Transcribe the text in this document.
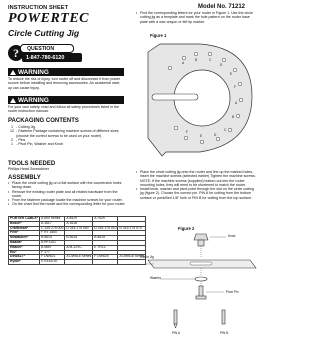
INSTRUCTION SHEET	Model No. 71212
POWERTEC
Circle Cutting Jig
?	QUESTION
1-847-780-6120
WARNING
To reduce the risk of injury, turn router off and disconnect it from power source before installing and removing accessories. An accidental start-up can cause injury.
WARNING
For your own safety, read and follow all safety procedures listed in the router instruction manual.
PACKAGING CONTENTS
1 - Cutting Jig
12 - Fastener Package containing machine screws of different sizes (choose the correct screws to be used on your router)
2 - Pins
1 - Pivot Pin, Washer and Knob
TOOLS NEEDED
Phillips Head Screwdriver
ASSEMBLY
• Place the circle cutting jig on a flat surface with the countersink holes facing down.
• Remove the existing router plate and all related hardware from the router.
• From the fastener package locate the machine screws for your router.
• On the chart find the model and the corresponding letter for your router.
PORTER CABLE*	A 690 Series	A 8529	A 7529	
Bosch*	A 1617	A 1618		
Craftsman*	C 315.275 000	D 315.175 050	D 315.175 010	D 315.175 070
Fein*	F RT 1800			
Milwaukee*	B 5615	B 5616	B 5619	
Makita*	A RF1101			
Hitachi*	B M8V	A M-12VC	E TR12	
Elu*	F 177			
DeWALT*	F DW621	A DW616 Series	F DW625	A DW618 Series
Ryobi*	E R161/1K			
• Find the corresponding letters for your router in Figure 1. Use the circle cutting jig as a template and mark the hole pattern on the router base plate with a wax crayon or felt tip marker.
Figure 1
A
B	C
D
E
F
A
B
C
D
E
F
• Place the circle cutting jig onto the router and line up the marked holes, insert the machine screws (selected earlier) Tighten the machine screws.
NOTE: If the machine screws (supplied) bottom out into the router mounting holes, they will need to be shortened to match the router.
• Install knob, washer and pivot point through the slot on the circle cutting jig (figure 2). Choose the correct pin. PIN A for cutting from the bottom surface or predrilled 1/8" hole or PIN B for cutting from the top surface.
Figure 2
Knob
Slot in Jig
Washer
Pivot Pin
PIN A	PIN B
